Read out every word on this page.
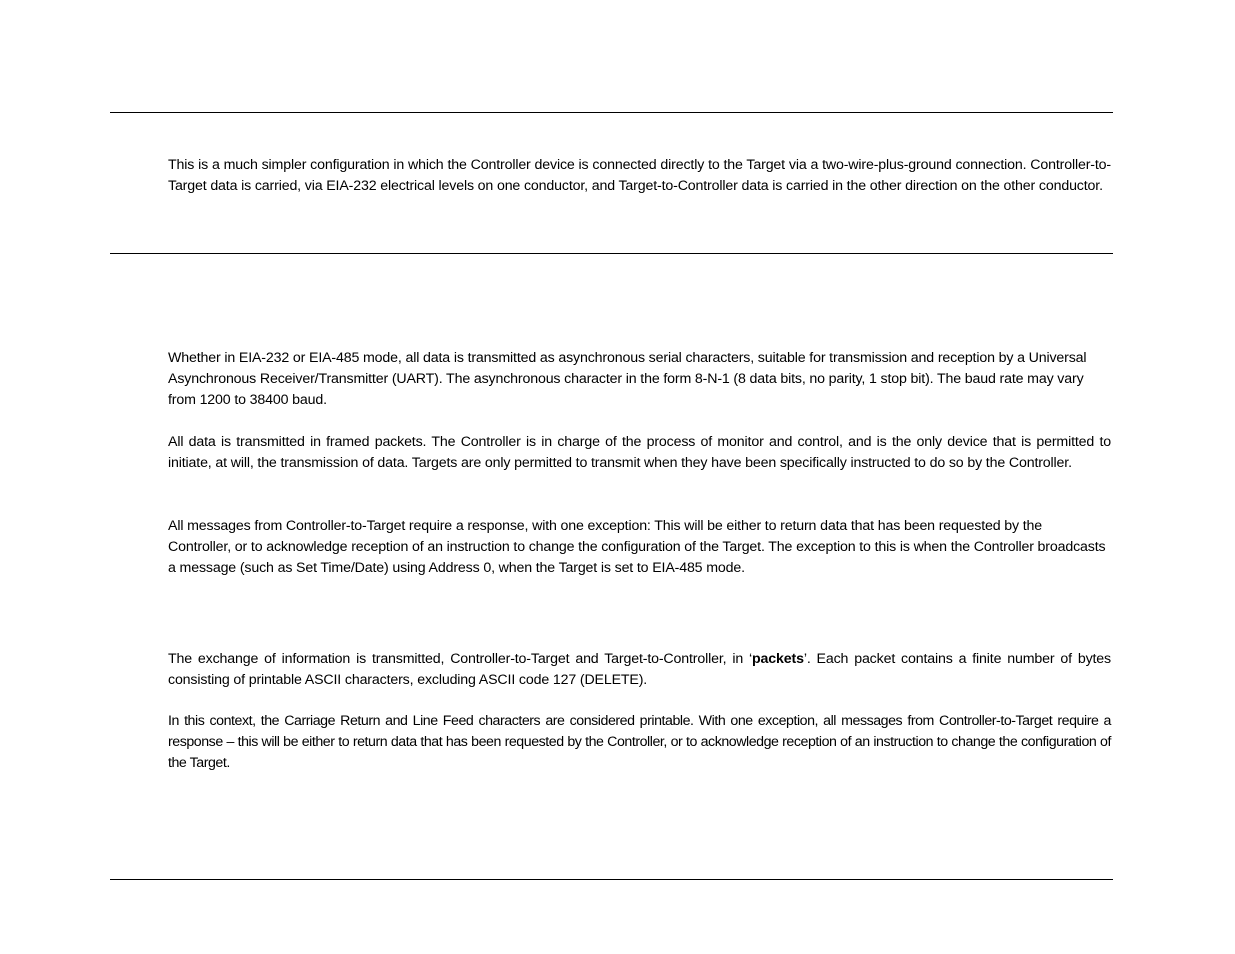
This is a much simpler configuration in which the Controller device is connected directly to the Target via a two-wire-plus-ground connection. Controller-to-Target data is carried, via EIA-232 electrical levels on one conductor, and Target-to-Controller data is carried in the other direction on the other conductor.

Whether in EIA-232 or EIA-485 mode, all data is transmitted as asynchronous serial characters, suitable for transmission and reception by a Universal Asynchronous Receiver/Transmitter (UART). The asynchronous character in the form 8-N-1 (8 data bits, no parity, 1 stop bit). The baud rate may vary from 1200 to 38400 baud.

All data is transmitted in framed packets. The Controller is in charge of the process of monitor and control, and is the only device that is permitted to initiate, at will, the transmission of data. Targets are only permitted to transmit when they have been specifically instructed to do so by the Controller.

All messages from Controller-to-Target require a response, with one exception: This will be either to return data that has been requested by the Controller, or to acknowledge reception of an instruction to change the configuration of the Target. The exception to this is when the Controller broadcasts a message (such as Set Time/Date) using Address 0, when the Target is set to EIA-485 mode.

The exchange of information is transmitted, Controller-to-Target and Target-to-Controller, in ‘packets’. Each packet contains a finite number of bytes consisting of printable ASCII characters, excluding ASCII code 127 (DELETE).

In this context, the Carriage Return and Line Feed characters are considered printable. With one exception, all messages from Controller-to-Target require a response – this will be either to return data that has been requested by the Controller, or to acknowledge reception of an instruction to change the configuration of the Target.
